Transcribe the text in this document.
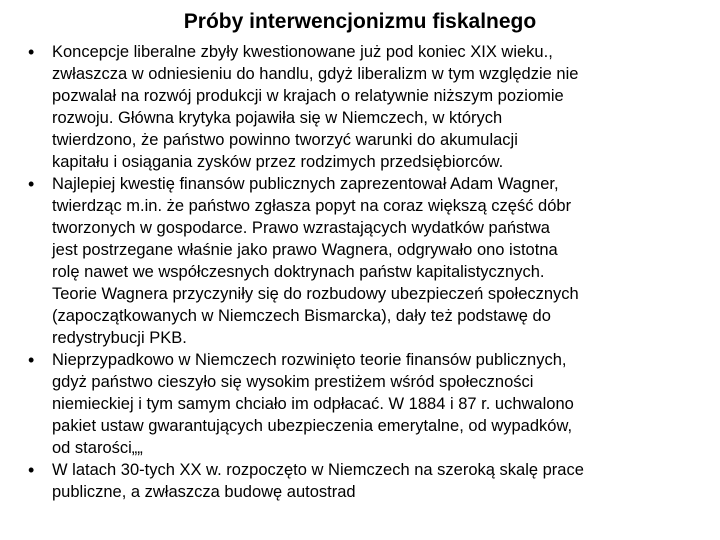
Próby interwencjonizmu fiskalnego
• Koncepcje liberalne zbyły kwestionowane już pod koniec XIX wieku.,
zwłaszcza w odniesieniu do handlu, gdyż liberalizm w tym względzie nie
pozwalał na rozwój produkcji w krajach o relatywnie niższym poziomie
rozwoju. Główna krytyka pojawiła się w Niemczech, w których
twierdzono, że państwo powinno tworzyć warunki do akumulacji
kapitału i osiągania zysków przez rodzimych przedsiębiorców.
• Najlepiej kwestię finansów publicznych zaprezentował Adam Wagner,
twierdząc m.in. że państwo zgłasza popyt na coraz większą część dóbr
tworzonych w gospodarce. Prawo wzrastających wydatków państwa
jest postrzegane właśnie jako prawo Wagnera, odgrywało ono istotna
rolę nawet we współczesnych doktrynach państw kapitalistycznych.
Teorie Wagnera przyczyniły się do rozbudowy ubezpieczeń społecznych
(zapoczątkowanych w Niemczech Bismarcka), dały też podstawę do
redystrybucji PKB.
• Nieprzypadkowo w Niemczech rozwinięto teorie finansów publicznych,
gdyż państwo cieszyło się wysokim prestiżem wśród społeczności
niemieckiej i tym samym chciało im odpłacać. W 1884 i 87 r. uchwalono
pakiet ustaw gwarantujących ubezpieczenia emerytalne, od wypadków,
od starości„„
• W latach 30-tych XX w. rozpoczęto w Niemczech na szeroką skalę prace
publiczne, a zwłaszcza budowę autostrad
